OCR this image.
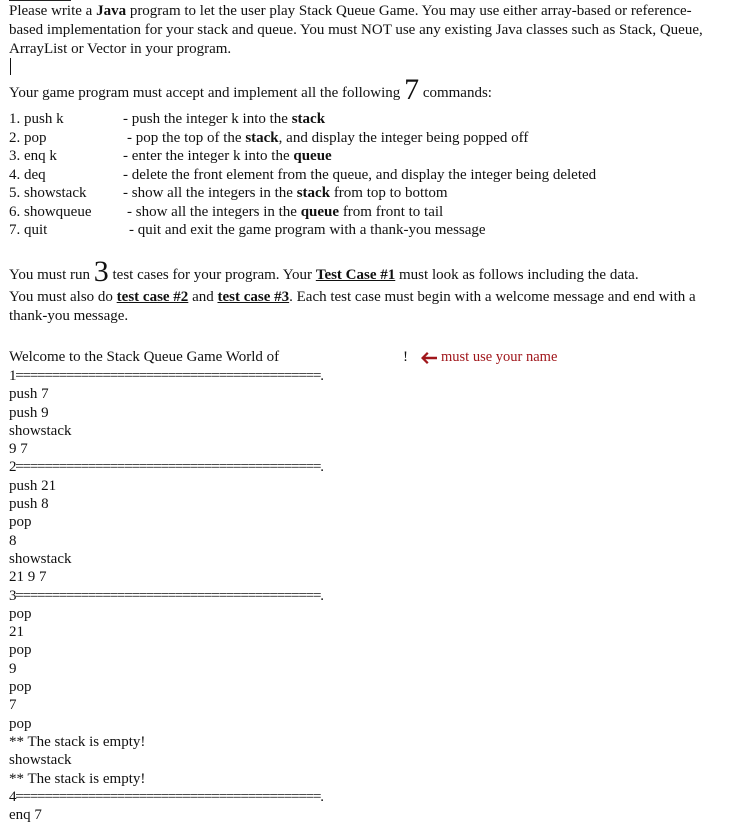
Please write a Java program to let the user play Stack Queue Game. You may use either array-based or reference-based implementation for your stack and queue. You must NOT use any existing Java classes such as Stack, Queue, ArrayList or Vector in your program.

Your game program must accept and implement all the following 7 commands:
1. push k	- push the integer k into the stack
2. pop	- pop the top of the stack, and display the integer being popped off
3. enq k	- enter the integer k into the queue
4. deq	- delete the front element from the queue, and display the integer being deleted
5. showstack - show all the integers in the stack from top to bottom
6. showqueue - show all the integers in the queue from front to tail
7. quit	- quit and exit the game program with a thank-you message

You must run 3 test cases for your program. Your Test Case #1 must look as follows including the data.

You must also do test case #2 and test case #3. Each test case must begin with a welcome message and end with a thank-you message.

Welcome to the Stack Queue Game World of	!	must use your name
1==========================================.
push 7
push 9
showstack
9 7
2==========================================.
push 21
push 8
pop
8
showstack
21 9 7
3==========================================.
pop
21
pop
9
pop
7
pop
** The stack is empty!
showstack
** The stack is empty!
4==========================================.
enq 7
